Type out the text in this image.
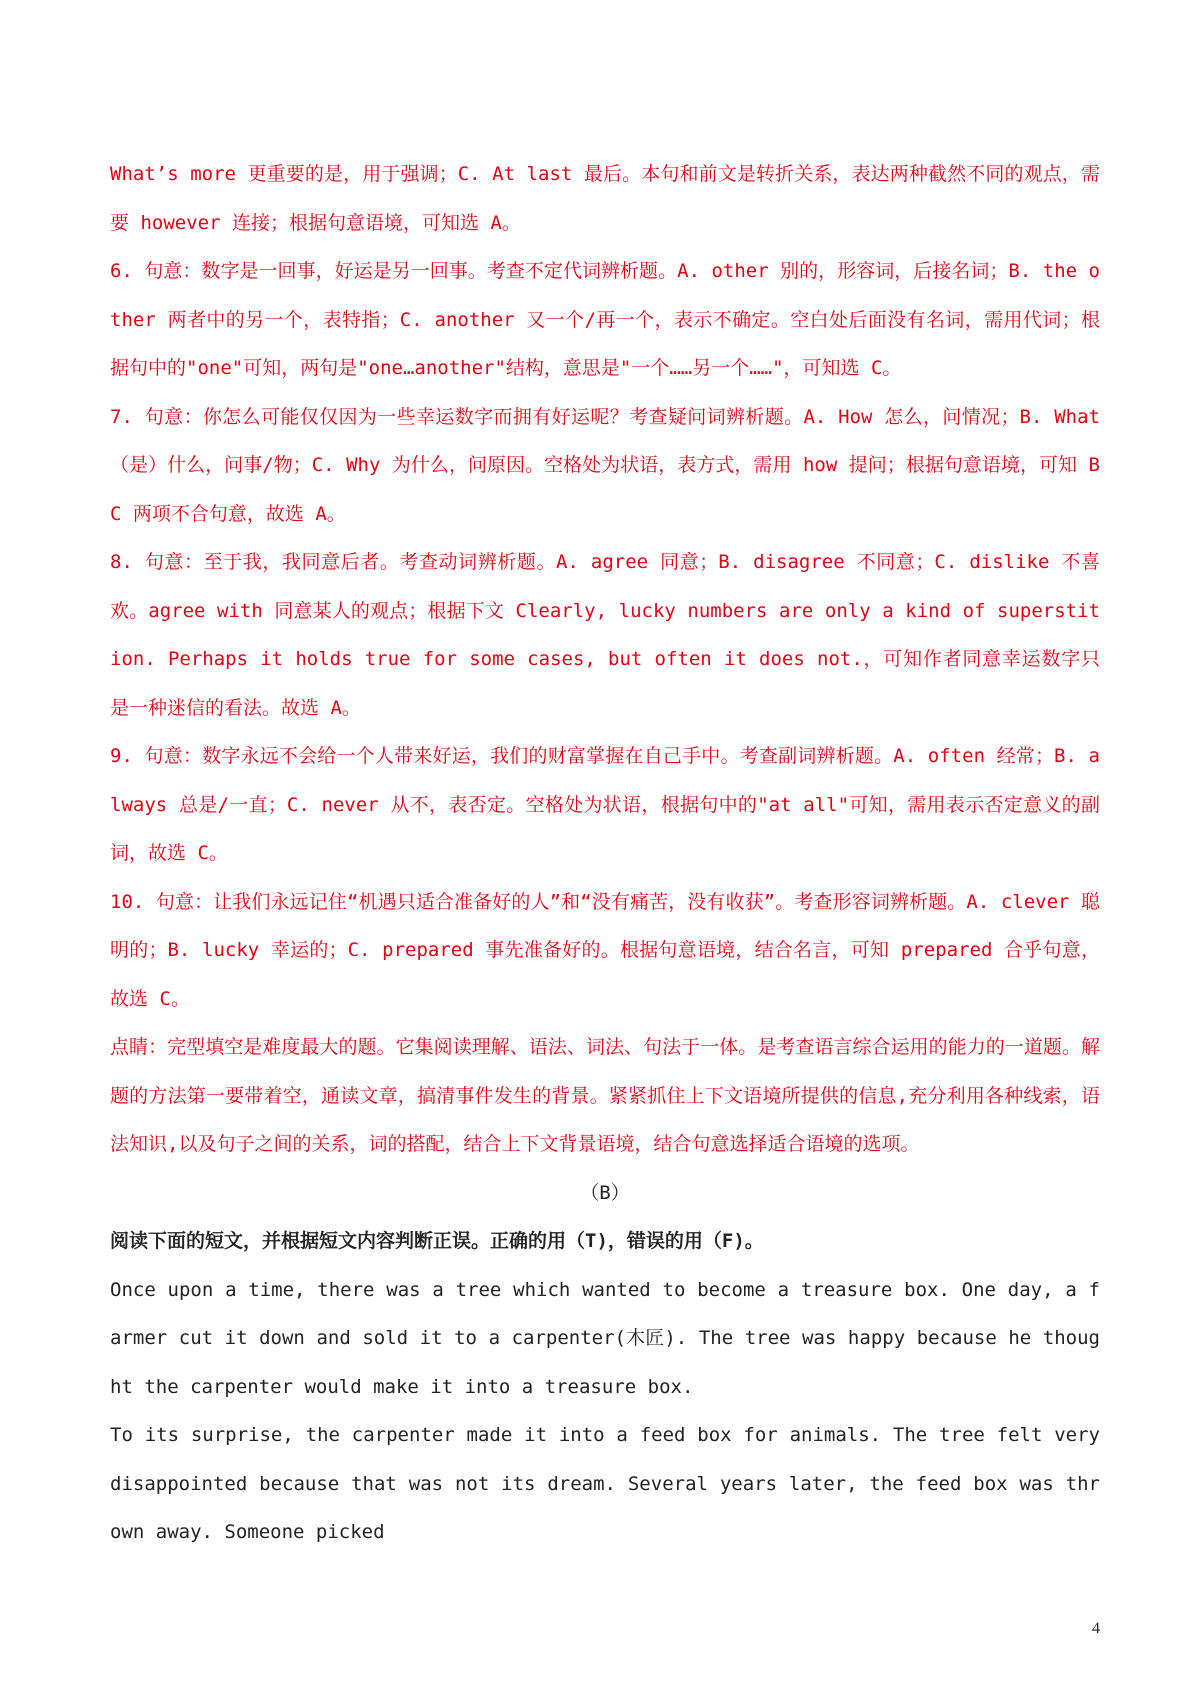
What’s more 更重要的是，用于强调；C. At last 最后。本句和前文是转折关系，表达两种截然不同的观点，需要 however 连接；根据句意语境，可知选 A。

6. 句意：数字是一回事，好运是另一回事。考查不定代词辨析题。A. other 别的，形容词，后接名词；B. the other 两者中的另一个，表特指；C. another 又一个/再一个，表示不确定。空白处后面没有名词，需用代词；根据句中的"one"可知，两句是"one…another"结构，意思是"一个……另一个……"，可知选 C。

7. 句意：你怎么可能仅仅因为一些幸运数字而拥有好运呢？考查疑问词辨析题。A. How 怎么，问情况；B. What（是）什么，问事/物；C. Why 为什么，问原因。空格处为状语，表方式，需用 how 提问；根据句意语境，可知 BC 两项不合句意，故选 A。

8. 句意：至于我，我同意后者。考查动词辨析题。A. agree 同意；B. disagree 不同意；C. dislike 不喜欢。agree with 同意某人的观点；根据下文 Clearly, lucky numbers are only a kind of superstition. Perhaps it holds true for some cases, but often it does not.，可知作者同意幸运数字只是一种迷信的看法。故选 A。

9. 句意：数字永远不会给一个人带来好运，我们的财富掌握在自己手中。考查副词辨析题。A. often 经常；B. always 总是/一直；C. never 从不，表否定。空格处为状语，根据句中的"at all"可知，需用表示否定意义的副词，故选 C。

10. 句意：让我们永远记住“机遇只适合准备好的人”和“没有痛苦，没有收获”。考查形容词辨析题。A. clever 聪明的；B. lucky 幸运的；C. prepared 事先准备好的。根据句意语境，结合名言，可知 prepared 合乎句意，故选 C。

点睛：完型填空是难度最大的题。它集阅读理解、语法、词法、句法于一体。是考查语言综合运用的能力的一道题。解题的方法第一要带着空，通读文章，搞清事件发生的背景。紧紧抓住上下文语境所提供的信息,充分利用各种线索，语法知识,以及句子之间的关系，词的搭配，结合上下文背景语境，结合句意选择适合语境的选项。

（B）

阅读下面的短文，并根据短文内容判断正误。正确的用（T)，错误的用（F)。

Once upon a time, there was a tree which wanted to become a treasure box. One day, a farmer cut it down and sold it to a carpenter(木匠). The tree was happy because he thought the carpenter would make it into a treasure box.

To its surprise, the carpenter made it into a feed box for animals. The tree felt very disappointed because that was not its dream. Several years later, the feed box was thrown away. Someone picked

4
